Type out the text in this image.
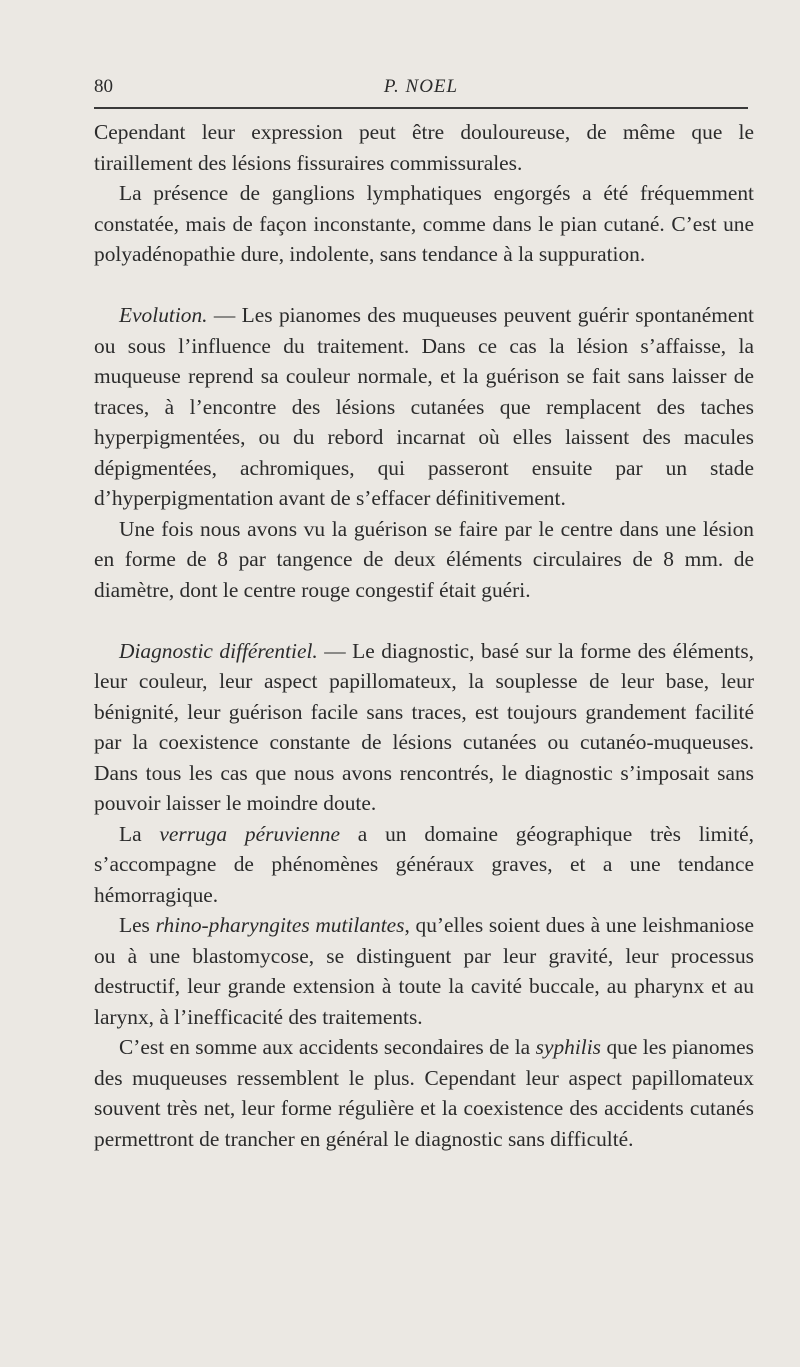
80	P. NOEL

Cependant leur expression peut être douloureuse, de même que le tiraillement des lésions fissuraires commissurales.

La présence de ganglions lymphatiques engorgés a été fréquemment constatée, mais de façon inconstante, comme dans le pian cutané. C’est une polyadénopathie dure, indolente, sans tendance à la suppuration.

Evolution. — Les pianomes des muqueuses peuvent guérir spontanément ou sous l’influence du traitement. Dans ce cas la lésion s’affaisse, la muqueuse reprend sa couleur normale, et la guérison se fait sans laisser de traces, à l’encontre des lésions cutanées que remplacent des taches hyperpigmentées, ou du rebord incarnat où elles laissent des macules dépigmentées, achromiques, qui passeront ensuite par un stade d’hyperpigmentation avant de s’effacer définitivement.

Une fois nous avons vu la guérison se faire par le centre dans une lésion en forme de 8 par tangence de deux éléments circulaires de 8 mm. de diamètre, dont le centre rouge congestif était guéri.

Diagnostic différentiel. — Le diagnostic, basé sur la forme des éléments, leur couleur, leur aspect papillomateux, la souplesse de leur base, leur bénignité, leur guérison facile sans traces, est toujours grandement facilité par la coexistence constante de lésions cutanées ou cutanéo-muqueuses. Dans tous les cas que nous avons rencontrés, le diagnostic s’imposait sans pouvoir laisser le moindre doute.

La verruga péruvienne a un domaine géographique très limité, s’accompagne de phénomènes généraux graves, et a une tendance hémorragique.

Les rhino-pharyngites mutilantes, qu’elles soient dues à une leishmaniose ou à une blastomycose, se distinguent par leur gravité, leur processus destructif, leur grande extension à toute la cavité buccale, au pharynx et au larynx, à l’inefficacité des traitements.

C’est en somme aux accidents secondaires de la syphilis que les pianomes des muqueuses ressemblent le plus. Cependant leur aspect papillomateux souvent très net, leur forme régulière et la coexistence des accidents cutanés permettront de trancher en général le diagnostic sans difficulté.
